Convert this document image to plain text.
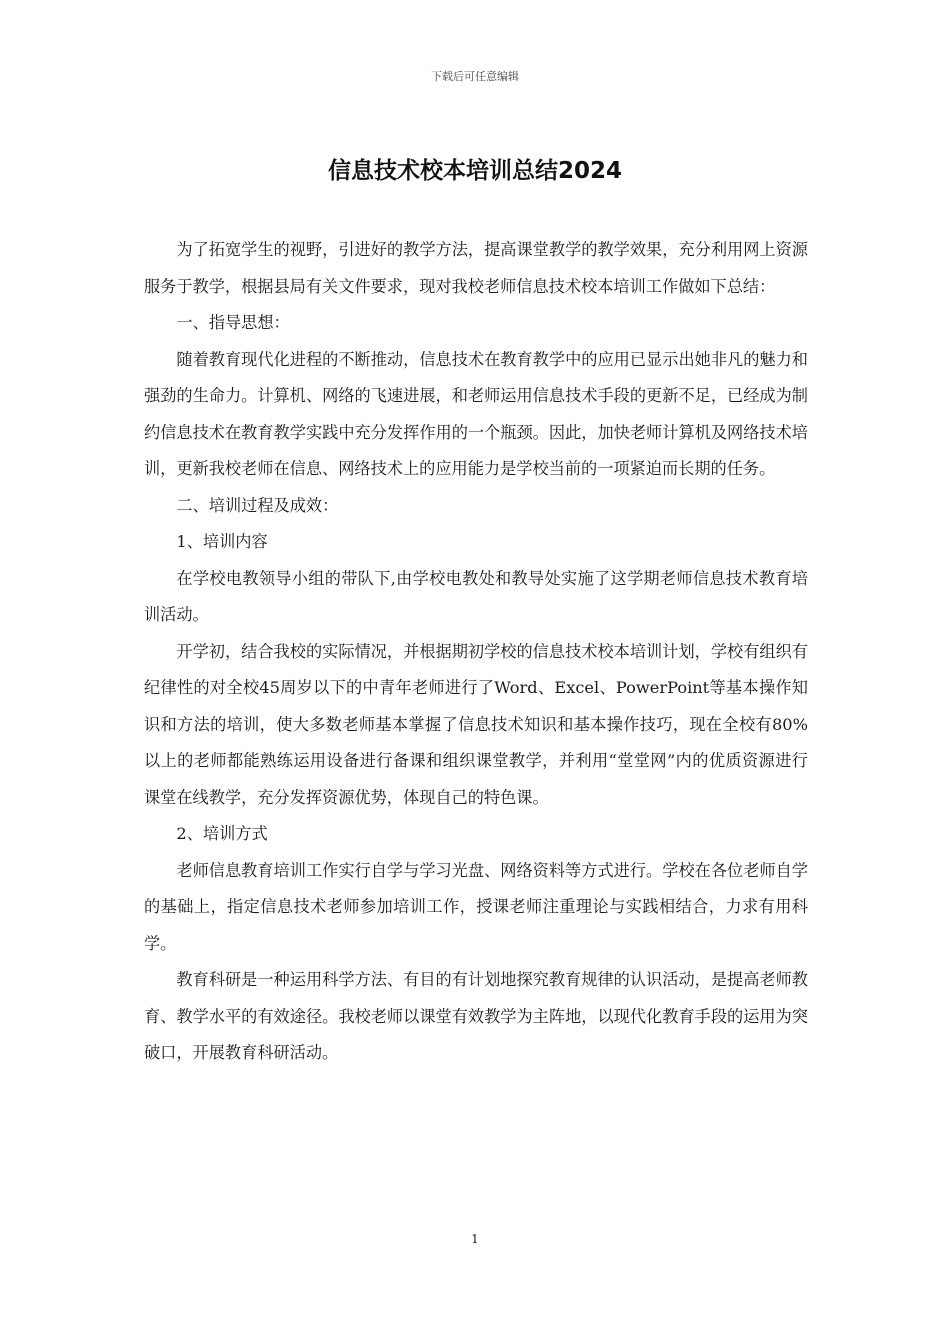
下载后可任意编辑
信息技术校本培训总结2024

为了拓宽学生的视野，引进好的教学方法，提高课堂教学的教学效果，充分利用网上资源服务于教学，根据县局有关文件要求，现对我校老师信息技术校本培训工作做如下总结：

一、指导思想：

随着教育现代化进程的不断推动，信息技术在教育教学中的应用已显示出她非凡的魅力和强劲的生命力。计算机、网络的飞速进展，和老师运用信息技术手段的更新不足，已经成为制约信息技术在教育教学实践中充分发挥作用的一个瓶颈。因此，加快老师计算机及网络技术培训，更新我校老师在信息、网络技术上的应用能力是学校当前的一项紧迫而长期的任务。

二、培训过程及成效：

1、培训内容

在学校电教领导小组的带队下,由学校电教处和教导处实施了这学期老师信息技术教育培训活动。

开学初，结合我校的实际情况，并根据期初学校的信息技术校本培训计划，学校有组织有纪律性的对全校45周岁以下的中青年老师进行了Word、Excel、PowerPoint等基本操作知识和方法的培训，使大多数老师基本掌握了信息技术知识和基本操作技巧，现在全校有80%以上的老师都能熟练运用设备进行备课和组织课堂教学，并利用“堂堂网”内的优质资源进行课堂在线教学，充分发挥资源优势，体现自己的特色课。

2、培训方式

老师信息教育培训工作实行自学与学习光盘、网络资料等方式进行。学校在各位老师自学的基础上，指定信息技术老师参加培训工作，授课老师注重理论与实践相结合，力求有用科学。

教育科研是一种运用科学方法、有目的有计划地探究教育规律的认识活动，是提高老师教育、教学水平的有效途径。我校老师以课堂有效教学为主阵地，以现代化教育手段的运用为突破口，开展教育科研活动。

1
